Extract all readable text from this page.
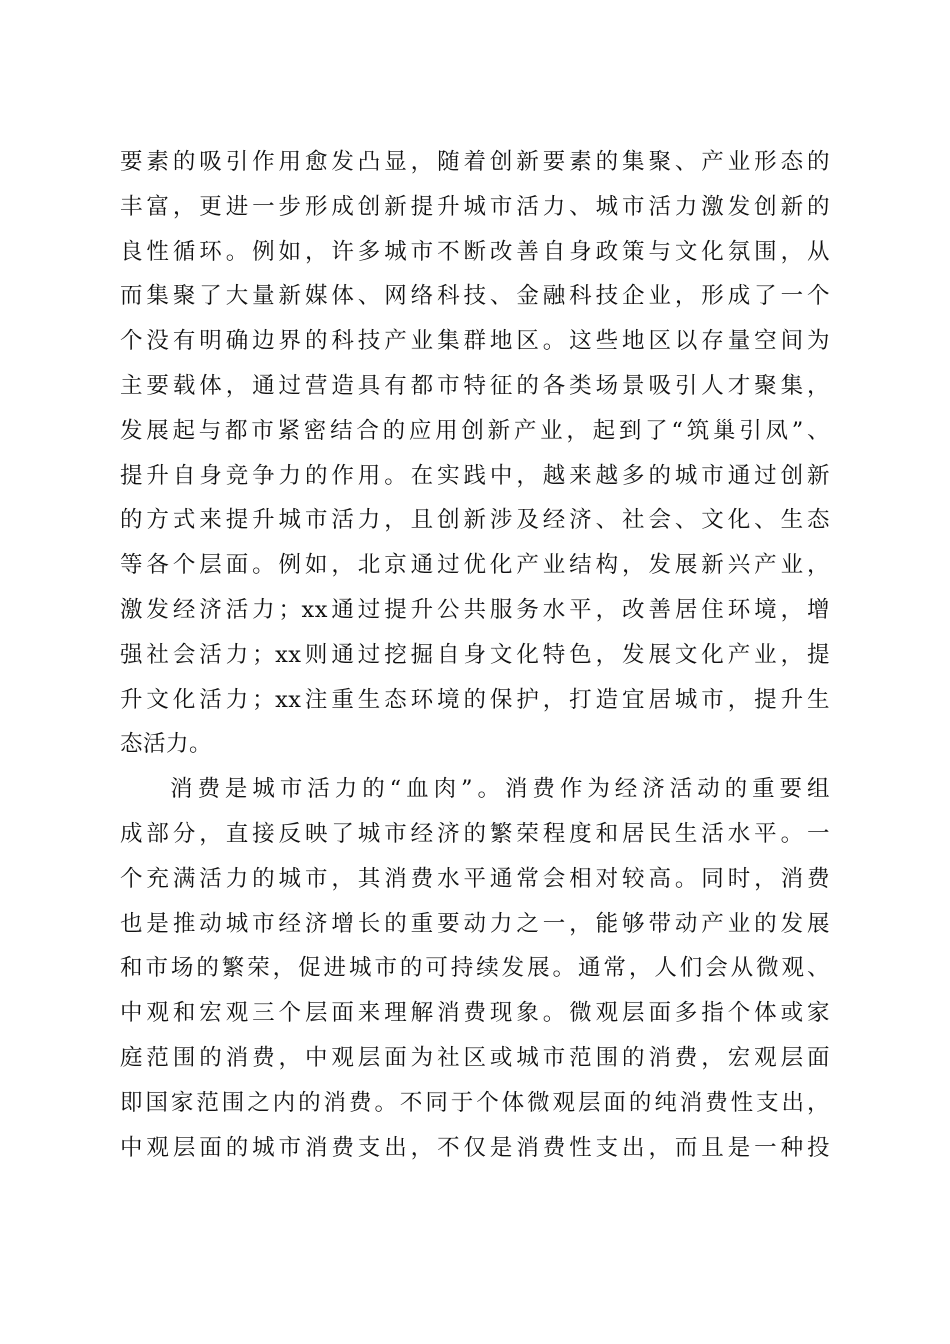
要素的吸引作用愈发凸显，随着创新要素的集聚、产业形态的
丰富，更进一步形成创新提升城市活力、城市活力激发创新的
良性循环。例如，许多城市不断改善自身政策与文化氛围，从
而集聚了大量新媒体、网络科技、金融科技企业，形成了一个
个没有明确边界的科技产业集群地区。这些地区以存量空间为
主要载体，通过营造具有都市特征的各类场景吸引人才聚集，
发展起与都市紧密结合的应用创新产业，起到了“筑巢引凤”、
提升自身竞争力的作用。在实践中，越来越多的城市通过创新
的方式来提升城市活力，且创新涉及经济、社会、文化、生态
等各个层面。例如，北京通过优化产业结构，发展新兴产业，
激发经济活力；xx通过提升公共服务水平，改善居住环境，增
强社会活力；xx则通过挖掘自身文化特色，发展文化产业，提
升文化活力；xx注重生态环境的保护，打造宜居城市，提升生
态活力。
消费是城市活力的“血肉”。消费作为经济活动的重要组
成部分，直接反映了城市经济的繁荣程度和居民生活水平。一
个充满活力的城市，其消费水平通常会相对较高。同时，消费
也是推动城市经济增长的重要动力之一，能够带动产业的发展
和市场的繁荣，促进城市的可持续发展。通常，人们会从微观、
中观和宏观三个层面来理解消费现象。微观层面多指个体或家
庭范围的消费，中观层面为社区或城市范围的消费，宏观层面
即国家范围之内的消费。不同于个体微观层面的纯消费性支出，
中观层面的城市消费支出，不仅是消费性支出，而且是一种投
